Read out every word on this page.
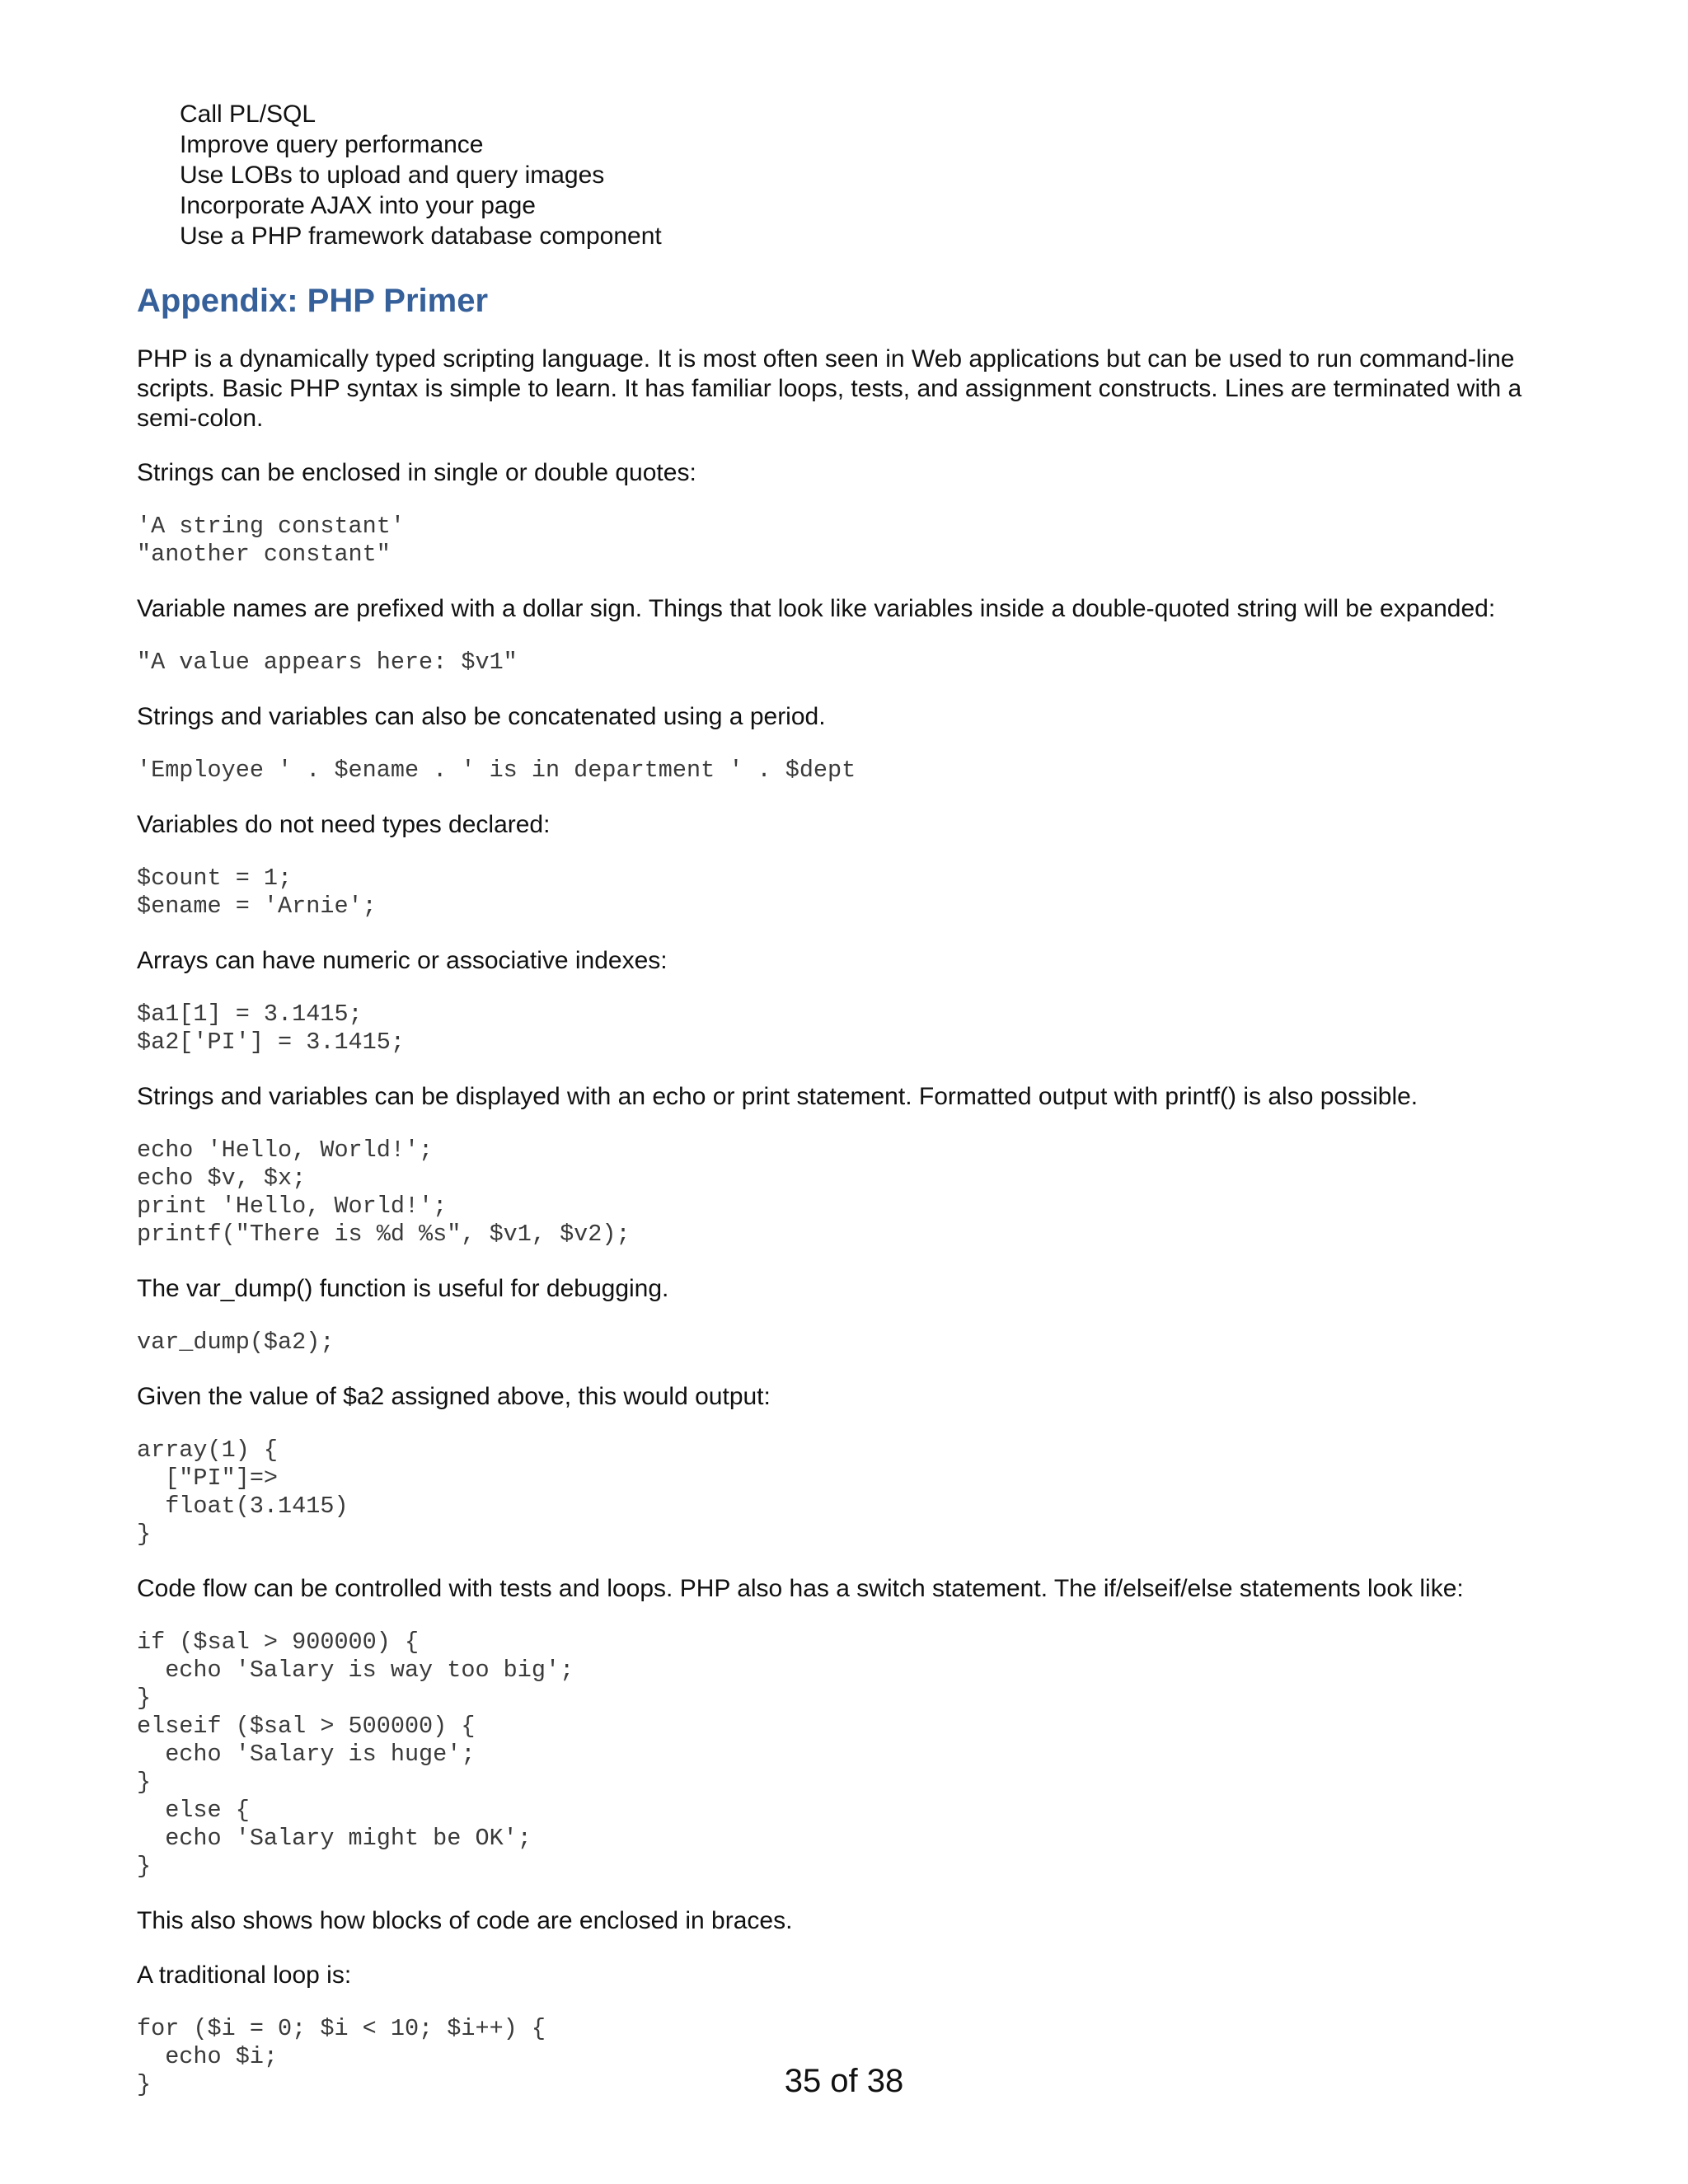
Call PL/SQL
Improve query performance
Use LOBs to upload and query images
Incorporate AJAX into your page
Use a PHP framework database component
Appendix: PHP Primer

PHP is a dynamically typed scripting language. It is most often seen in Web applications but can be used to run command-line scripts. Basic PHP syntax is simple to learn. It has familiar loops, tests, and assignment constructs. Lines are terminated with a semi-colon.

Strings can be enclosed in single or double quotes:

'A string constant'
"another constant"

Variable names are prefixed with a dollar sign. Things that look like variables inside a double-quoted string will be expanded:

"A value appears here: $v1"

Strings and variables can also be concatenated using a period.

'Employee ' . $ename . ' is in department ' . $dept

Variables do not need types declared:

$count = 1;
$ename = 'Arnie';

Arrays can have numeric or associative indexes:

$a1[1] = 3.1415;
$a2['PI'] = 3.1415;

Strings and variables can be displayed with an echo or print statement. Formatted output with printf() is also possible.

echo 'Hello, World!';
echo $v, $x;
print 'Hello, World!';
printf("There is %d %s", $v1, $v2);

The var_dump() function is useful for debugging.

var_dump($a2);

Given the value of $a2 assigned above, this would output:

array(1) {
["PI"]=>
float(3.1415)
}

Code flow can be controlled with tests and loops. PHP also has a switch statement. The if/elseif/else statements look like:

if ($sal > 900000) {
echo 'Salary is way too big';
}
elseif ($sal > 500000) {
echo 'Salary is huge';
}
else {
echo 'Salary might be OK';
}

This also shows how blocks of code are enclosed in braces.

A traditional loop is:

for ($i = 0; $i < 10; $i++) {
echo $i;
}	35 of 38
